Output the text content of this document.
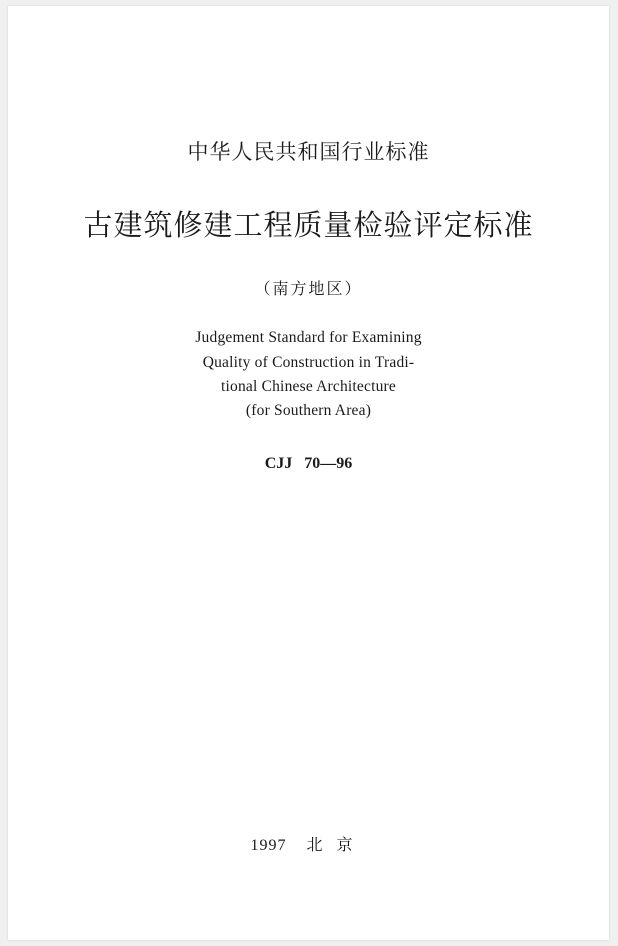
中华人民共和国行业标准
古建筑修建工程质量检验评定标准
（南方地区）
Judgement Standard for Examining
Quality of Construction in Tradi-
tional Chinese Architecture
(for Southern Area)
CJJ 70—96
1997 北京
